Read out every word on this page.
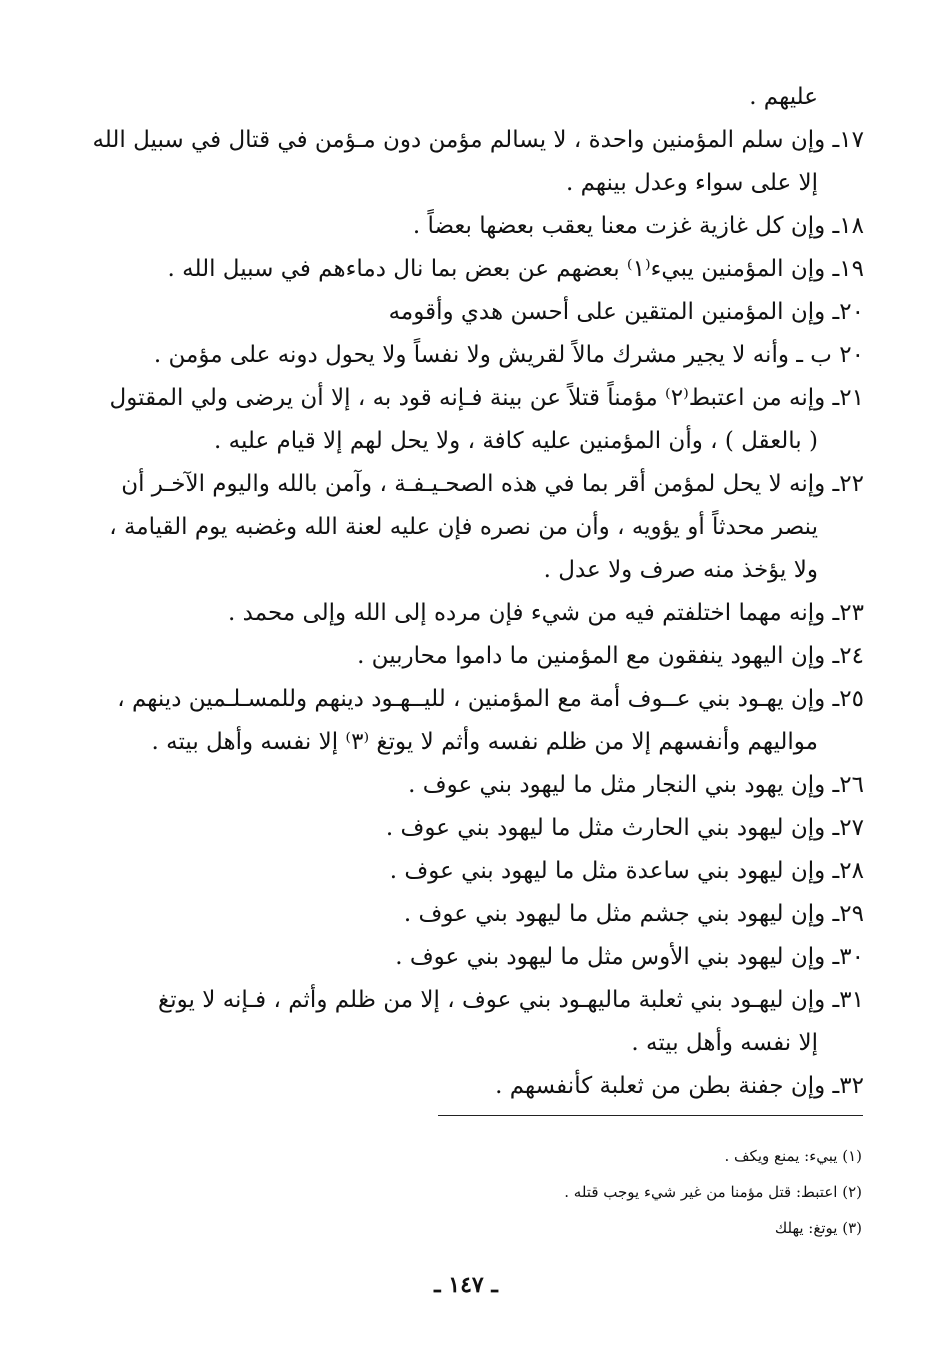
عليهم .
١٧ـ وإن سلم المؤمنين واحدة ، لا يسالم مؤمن دون مـؤمن في قتال في سبيل الله
إلا على سواء وعدل بينهم .
١٨ـ وإن كل غازية غزت معنا يعقب بعضها بعضاً .
١٩ـ وإن المؤمنين يبيء⁽١⁾ بعضهم عن بعض بما نال دماءهم في سبيل الله .
٢٠ـ وإن المؤمنين المتقين على أحسن هدي وأقومه
٢٠ ب ـ وأنه لا يجير مشرك مالاً لقريش ولا نفساً ولا يحول دونه على مؤمن .
٢١ـ وإنه من اعتبط⁽٢⁾ مؤمناً قتلاً عن بينة فـإنه قود به ، إلا أن يرضى ولي المقتول
( بالعقل ) ، وأن المؤمنين عليه كافة ، ولا يحل لهم إلا قيام عليه .
٢٢ـ وإنه لا يحل لمؤمن أقر بما في هذه الصحـيـفـة ، وآمن بالله واليوم الآخـر أن
ينصر محدثاً أو يؤويه ، وأن من نصره فإن عليه لعنة الله وغضبه يوم القيامة ،
ولا يؤخذ منه صرف ولا عدل .
٢٣ـ وإنه مهما اختلفتم فيه من شيء فإن مرده إلى الله وإلى محمد .
٢٤ـ وإن اليهود ينفقون مع المؤمنين ما داموا محاربين .
٢٥ـ وإن يهـود بني عــوف أمة مع المؤمنين ، لليــهـود دينهم وللمسـلـمين دينهم ،
مواليهم وأنفسهم إلا من ظلم نفسه وأثم لا يوتغ ⁽٣⁾ إلا نفسه وأهل بيته .
٢٦ـ وإن يهود بني النجار مثل ما ليهود بني عوف .
٢٧ـ وإن ليهود بني الحارث مثل ما ليهود بني عوف .
٢٨ـ وإن ليهود بني ساعدة مثل ما ليهود بني عوف .
٢٩ـ وإن ليهود بني جشم مثل ما ليهود بني عوف .
٣٠ـ وإن ليهود بني الأوس مثل ما ليهود بني عوف .
٣١ـ وإن ليهـود بني ثعلبة ماليهـود بني عوف ، إلا من ظلم وأثم ، فـإنه لا يوتغ
إلا نفسه وأهل بيته .
٣٢ـ وإن جفنة بطن من ثعلبة كأنفسهم .
(١) يبيء: يمنع ويكف .
(٢) اعتبط: قتل مؤمنا من غير شيء يوجب قتله .
(٣) يوتغ: يهلك
ـ ١٤٧ ـ
